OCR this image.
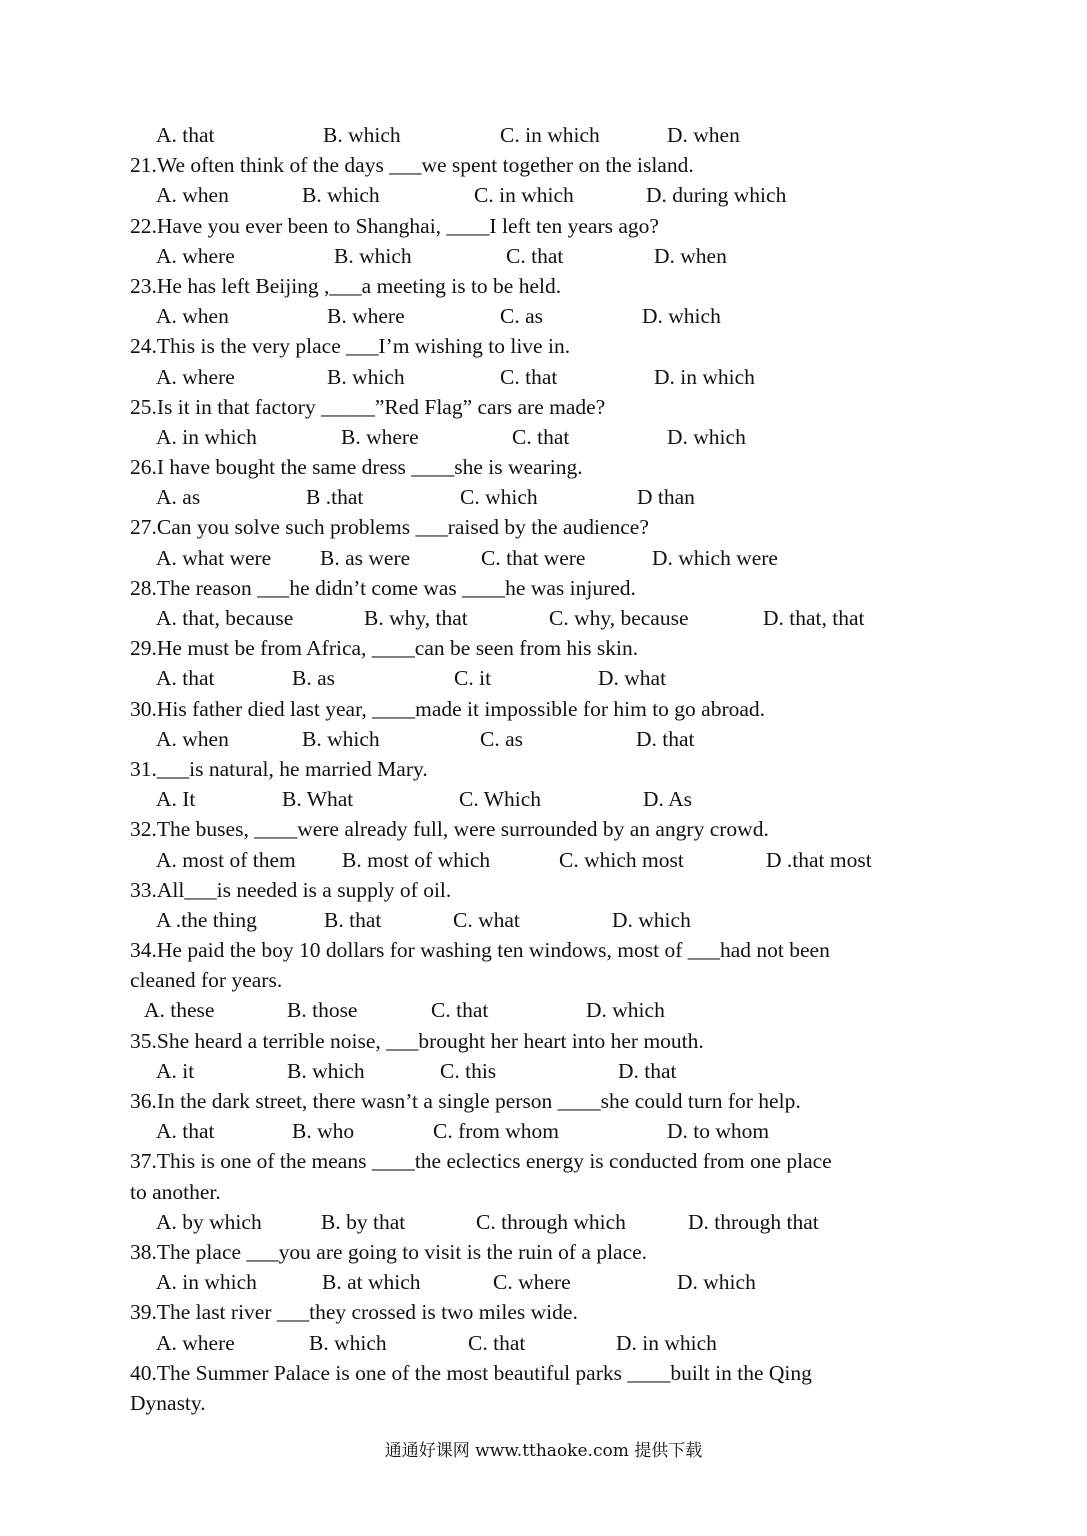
A. that	B. which	C. in which	D. when
21.We often think of the days ___we spent together on the island.
A. when	B. which	C. in which	D. during which
22.Have you ever been to Shanghai, ____I left ten years ago?
A. where	B. which	C. that	D. when
23.He has left Beijing ,___a meeting is to be held.
A. when	B. where	C. as	D. which
24.This is the very place ___I’m wishing to live in.
A. where	B. which	C. that	D. in which
25.Is it in that factory _____”Red Flag” cars are made?
A. in which	B. where	C. that	D. which
26.I have bought the same dress ____she is wearing.
A. as	B .that	C. which	D than
27.Can you solve such problems ___raised by the audience?
A. what were B. as were	C. that were	D. which were
28.The reason ___he didn’t come was ____he was injured.
A. that, because	B. why, that	C. why, because	D. that, that
29.He must be from Africa, ____can be seen from his skin.
A. that	B. as	C. it	D. what
30.His father died last year, ____made it impossible for him to go abroad.
A. when	B. which	C. as	D. that
31.___is natural, he married Mary.
A. It	B. What	C. Which	D. As
32.The buses, ____were already full, were surrounded by an angry crowd.
A. most of them B. most of which	C. which most	D .that most
33.All___is needed is a supply of oil.
A .the thing	B. that	C. what	D. which
34.He paid the boy 10 dollars for washing ten windows, most of ___had not been
cleaned for years.
A. these	B. those	C. that	D. which
35.She heard a terrible noise, ___brought her heart into her mouth.
A. it	B. which	C. this	D. that
36.In the dark street, there wasn’t a single person ____she could turn for help.
A. that	B. who	C. from whom	D. to whom
37.This is one of the means ____the eclectics energy is conducted from one place
to another.
A. by which	B. by that	C. through which	D. through that
38.The place ___you are going to visit is the ruin of a place.
A. in which	B. at which	C. where	D. which
39.The last river ___they crossed is two miles wide.
A. where	B. which	C. that	D. in which
40.The Summer Palace is one of the most beautiful parks ____built in the Qing
Dynasty.
通通好课网 www.tthaoke.com 提供下载
